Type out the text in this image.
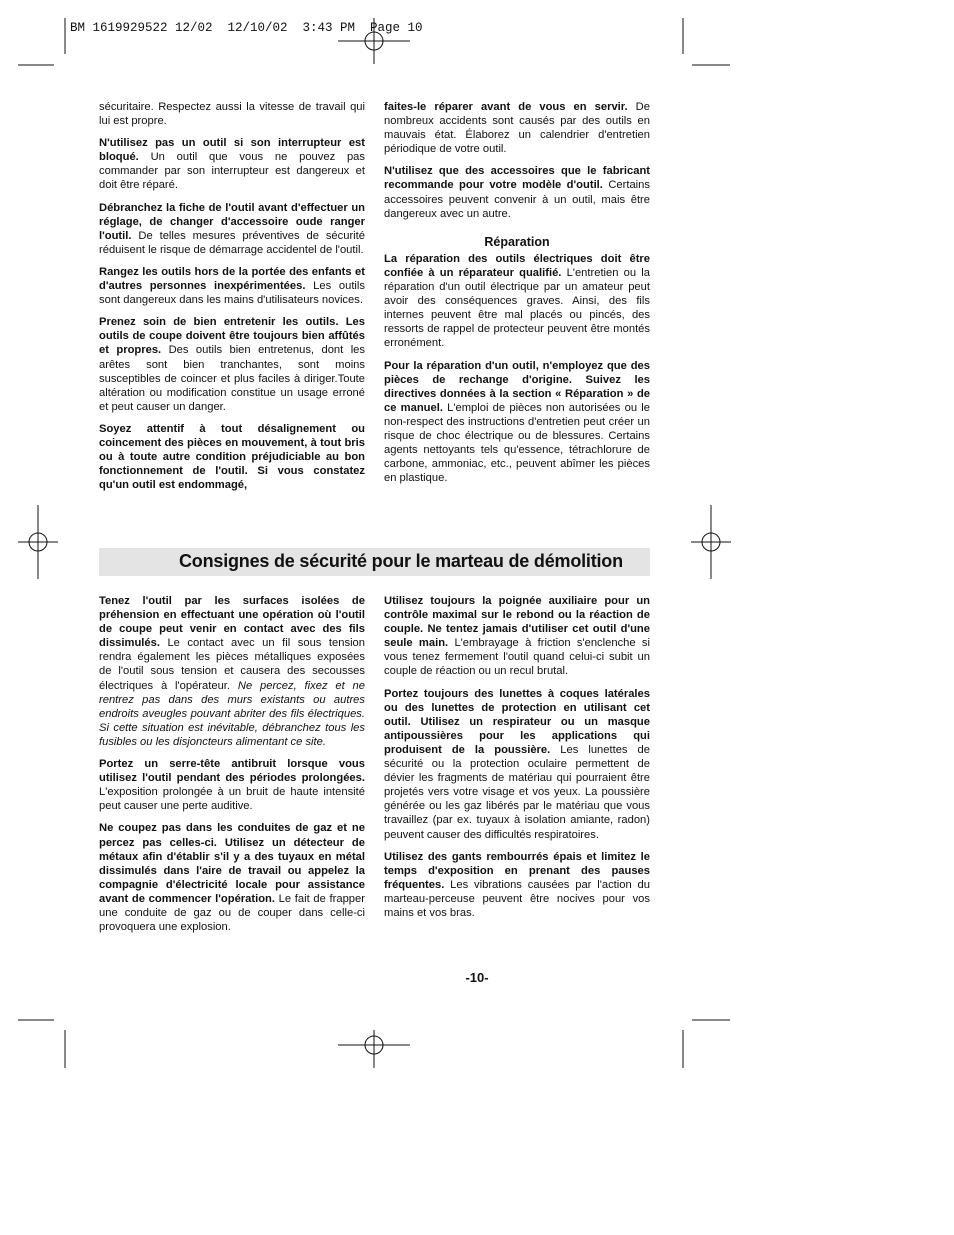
BM 1619929522 12/02  12/10/02  3:43 PM  Page 10

sécuritaire. Respectez aussi la vitesse de travail qui lui est propre.

N'utilisez pas un outil si son interrupteur est bloqué. Un outil que vous ne pouvez pas commander par son interrupteur est dangereux et doit être réparé.

Débranchez la fiche de l'outil avant d'effectuer un réglage, de changer d'accessoire oude ranger l'outil. De telles mesures préventives de sécurité réduisent le risque de démarrage accidentel de l'outil.

Rangez les outils hors de la portée des enfants et d'autres personnes inexpérimentées. Les outils sont dangereux dans les mains d'utilisateurs novices.

Prenez soin de bien entretenir les outils. Les outils de coupe doivent être toujours bien affûtés et propres. Des outils bien entretenus, dont les arêtes sont bien tranchantes, sont moins susceptibles de coincer et plus faciles à diriger.Toute altération ou modification constitue un usage erroné et peut causer un danger.

Soyez attentif à tout désalignement ou coincement des pièces en mouvement, à tout bris ou à toute autre condition préjudiciable au bon fonctionnement de l'outil. Si vous constatez qu'un outil est endommagé,

faites-le réparer avant de vous en servir. De nombreux accidents sont causés par des outils en mauvais état. Élaborez un calendrier d'entretien périodique de votre outil.

N'utilisez que des accessoires que le fabricant recommande pour votre modèle d'outil. Certains accessoires peuvent convenir à un outil, mais être dangereux avec un autre.

Réparation

La réparation des outils électriques doit être confiée à un réparateur qualifié. L'entretien ou la réparation d'un outil électrique par un amateur peut avoir des conséquences graves. Ainsi, des fils internes peuvent être mal placés ou pincés, des ressorts de rappel de protecteur peuvent être montés erronément.

Pour la réparation d'un outil, n'employez que des pièces de rechange d'origine. Suivez les directives données à la section « Réparation » de ce manuel. L'emploi de pièces non autorisées ou le non-respect des instructions d'entretien peut créer un risque de choc électrique ou de blessures. Certains agents nettoyants tels qu'essence, tétrachlorure de carbone, ammoniac, etc., peuvent abîmer les pièces en plastique.

Consignes de sécurité pour le marteau de démolition

Tenez l'outil par les surfaces isolées de préhension en effectuant une opération où l'outil de coupe peut venir en contact avec des fils dissimulés. Le contact avec un fil sous tension rendra également les pièces métalliques exposées de l'outil sous tension et causera des secousses électriques à l'opérateur. Ne percez, fixez et ne rentrez pas dans des murs existants ou autres endroits aveugles pouvant abriter des fils électriques. Si cette situation est inévitable, débranchez tous les fusibles ou les disjoncteurs alimentant ce site.

Portez un serre-tête antibruit lorsque vous utilisez l'outil pendant des périodes prolongées. L'exposition prolongée à un bruit de haute intensité peut causer une perte auditive.

Ne coupez pas dans les conduites de gaz et ne percez pas celles-ci. Utilisez un détecteur de métaux afin d'établir s'il y a des tuyaux en métal dissimulés dans l'aire de travail ou appelez la compagnie d'électricité locale pour assistance avant de commencer l'opération. Le fait de frapper une conduite de gaz ou de couper dans celle-ci provoquera une explosion.

Utilisez toujours la poignée auxiliaire pour un contrôle maximal sur le rebond ou la réaction de couple. Ne tentez jamais d'utiliser cet outil d'une seule main. L'embrayage à friction s'enclenche si vous tenez fermement l'outil quand celui-ci subit un couple de réaction ou un recul brutal.

Portez toujours des lunettes à coques latérales ou des lunettes de protection en utilisant cet outil. Utilisez un respirateur ou un masque antipoussières pour les applications qui produisent de la poussière. Les lunettes de sécurité ou la protection oculaire permettent de dévier les fragments de matériau qui pourraient être projetés vers votre visage et vos yeux. La poussière générée ou les gaz libérés par le matériau que vous travaillez (par ex. tuyaux à isolation amiante, radon) peuvent causer des difficultés respiratoires.

Utilisez des gants rembourrés épais et limitez le temps d'exposition en prenant des pauses fréquentes. Les vibrations causées par l'action du marteau-perceuse peuvent être nocives pour vos mains et vos bras.

-10-
